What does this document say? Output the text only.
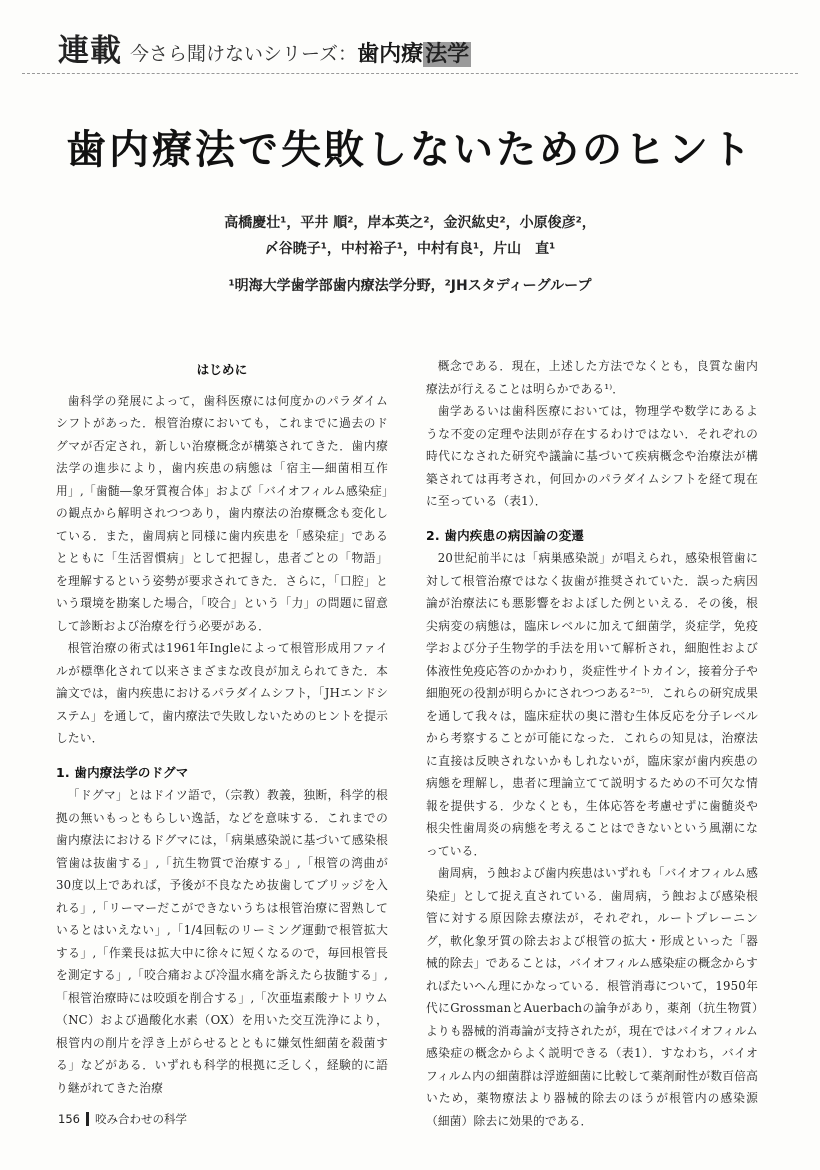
連載 今さら聞けないシリーズ： 歯内療法学
歯内療法で失敗しないためのヒント
高橋慶壮¹，平井 順²，岸本英之²，金沢紘史²，小原俊彦²，
〆谷暁子¹，中村裕子¹，中村有良¹，片山　直¹
¹明海大学歯学部歯内療法学分野，²JHスタディーグループ
はじめに

歯科学の発展によって，歯科医療には何度かのパラダイムシフトがあった．根管治療においても，これまでに過去のドグマが否定され，新しい治療概念が構築されてきた．歯内療法学の進歩により，歯内疾患の病態は「宿主―細菌相互作用」,「歯髄―象牙質複合体」および「バイオフィルム感染症」の観点から解明されつつあり，歯内療法の治療概念も変化している．また，歯周病と同様に歯内疾患を「感染症」であるとともに「生活習慣病」として把握し，患者ごとの「物語」を理解するという姿勢が要求されてきた．さらに，「口腔」という環境を勘案した場合，「咬合」という「力」の問題に留意して診断および治療を行う必要がある．

根管治療の術式は1961年Ingleによって根管形成用ファイルが標準化されて以来さまざまな改良が加えられてきた．本論文では，歯内疾患におけるパラダイムシフト，「JHエンドシステム」を通して，歯内療法で失敗しないためのヒントを提示したい．

1. 歯内療法学のドグマ

「ドグマ」とはドイツ語で，（宗教）教義，独断，科学的根拠の無いもっともらしい逸話，などを意味する．これまでの歯内療法におけるドグマには，「病巣感染説に基づいて感染根管歯は抜歯する」,「抗生物質で治療する」,「根管の湾曲が30度以上であれば，予後が不良なため抜歯してブリッジを入れる」,「リーマーだこができないうちは根管治療に習熟しているとはいえない」,「1/4回転のリーミング運動で根管拡大する」,「作業長は拡大中に徐々に短くなるので，毎回根管長を測定する」,「咬合痛および冷温水痛を訴えたら抜髄する」,「根管治療時には咬頭を削合する」,「次亜塩素酸ナトリウム（NC）および過酸化水素（OX）を用いた交互洗浄により，根管内の削片を浮き上がらせるとともに嫌気性細菌を殺菌する」などがある．いずれも科学的根拠に乏しく，経験的に語り継がれてきた治療

概念である．現在，上述した方法でなくとも，良質な歯内療法が行えることは明らかである¹⁾．

歯学あるいは歯科医療においては，物理学や数学にあるような不変の定理や法則が存在するわけではない．それぞれの時代になされた研究や議論に基づいて疾病概念や治療法が構築されては再考され，何回かのパラダイムシフトを経て現在に至っている（表1）．

2. 歯内疾患の病因論の変遷

20世紀前半には「病巣感染説」が唱えられ，感染根管歯に対して根管治療ではなく抜歯が推奨されていた．誤った病因論が治療法にも悪影響をおよぼした例といえる．その後，根尖病変の病態は，臨床レベルに加えて細菌学，炎症学，免疫学および分子生物学的手法を用いて解析され，細胞性および体液性免疫応答のかかわり，炎症性サイトカイン，接着分子や細胞死の役割が明らかにされつつある²⁻⁵⁾．これらの研究成果を通して我々は，臨床症状の奥に潜む生体反応を分子レベルから考察することが可能になった．これらの知見は，治療法に直接は反映されないかもしれないが，臨床家が歯内疾患の病態を理解し，患者に理論立てて説明するための不可欠な情報を提供する．少なくとも，生体応答を考慮せずに歯髄炎や根尖性歯周炎の病態を考えることはできないという風潮になっている．

歯周病，う蝕および歯内疾患はいずれも「バイオフィルム感染症」として捉え直されている．歯周病，う蝕および感染根管に対する原因除去療法が，それぞれ，ルートプレーニング，軟化象牙質の除去および根管の拡大・形成といった「器械的除去」であることは，バイオフィルム感染症の概念からすればたいへん理にかなっている．根管消毒について，1950年代にGrossmanとAuerbachの論争があり，薬剤（抗生物質）よりも器械的消毒論が支持されたが，現在ではバイオフィルム感染症の概念からよく説明できる（表1）．すなわち，バイオフィルム内の細菌群は浮遊細菌に比較して薬剤耐性が数百倍高いため，薬物療法より器械的除去のほうが根管内の感染源（細菌）除去に効果的である．

156 咬み合わせの科学
